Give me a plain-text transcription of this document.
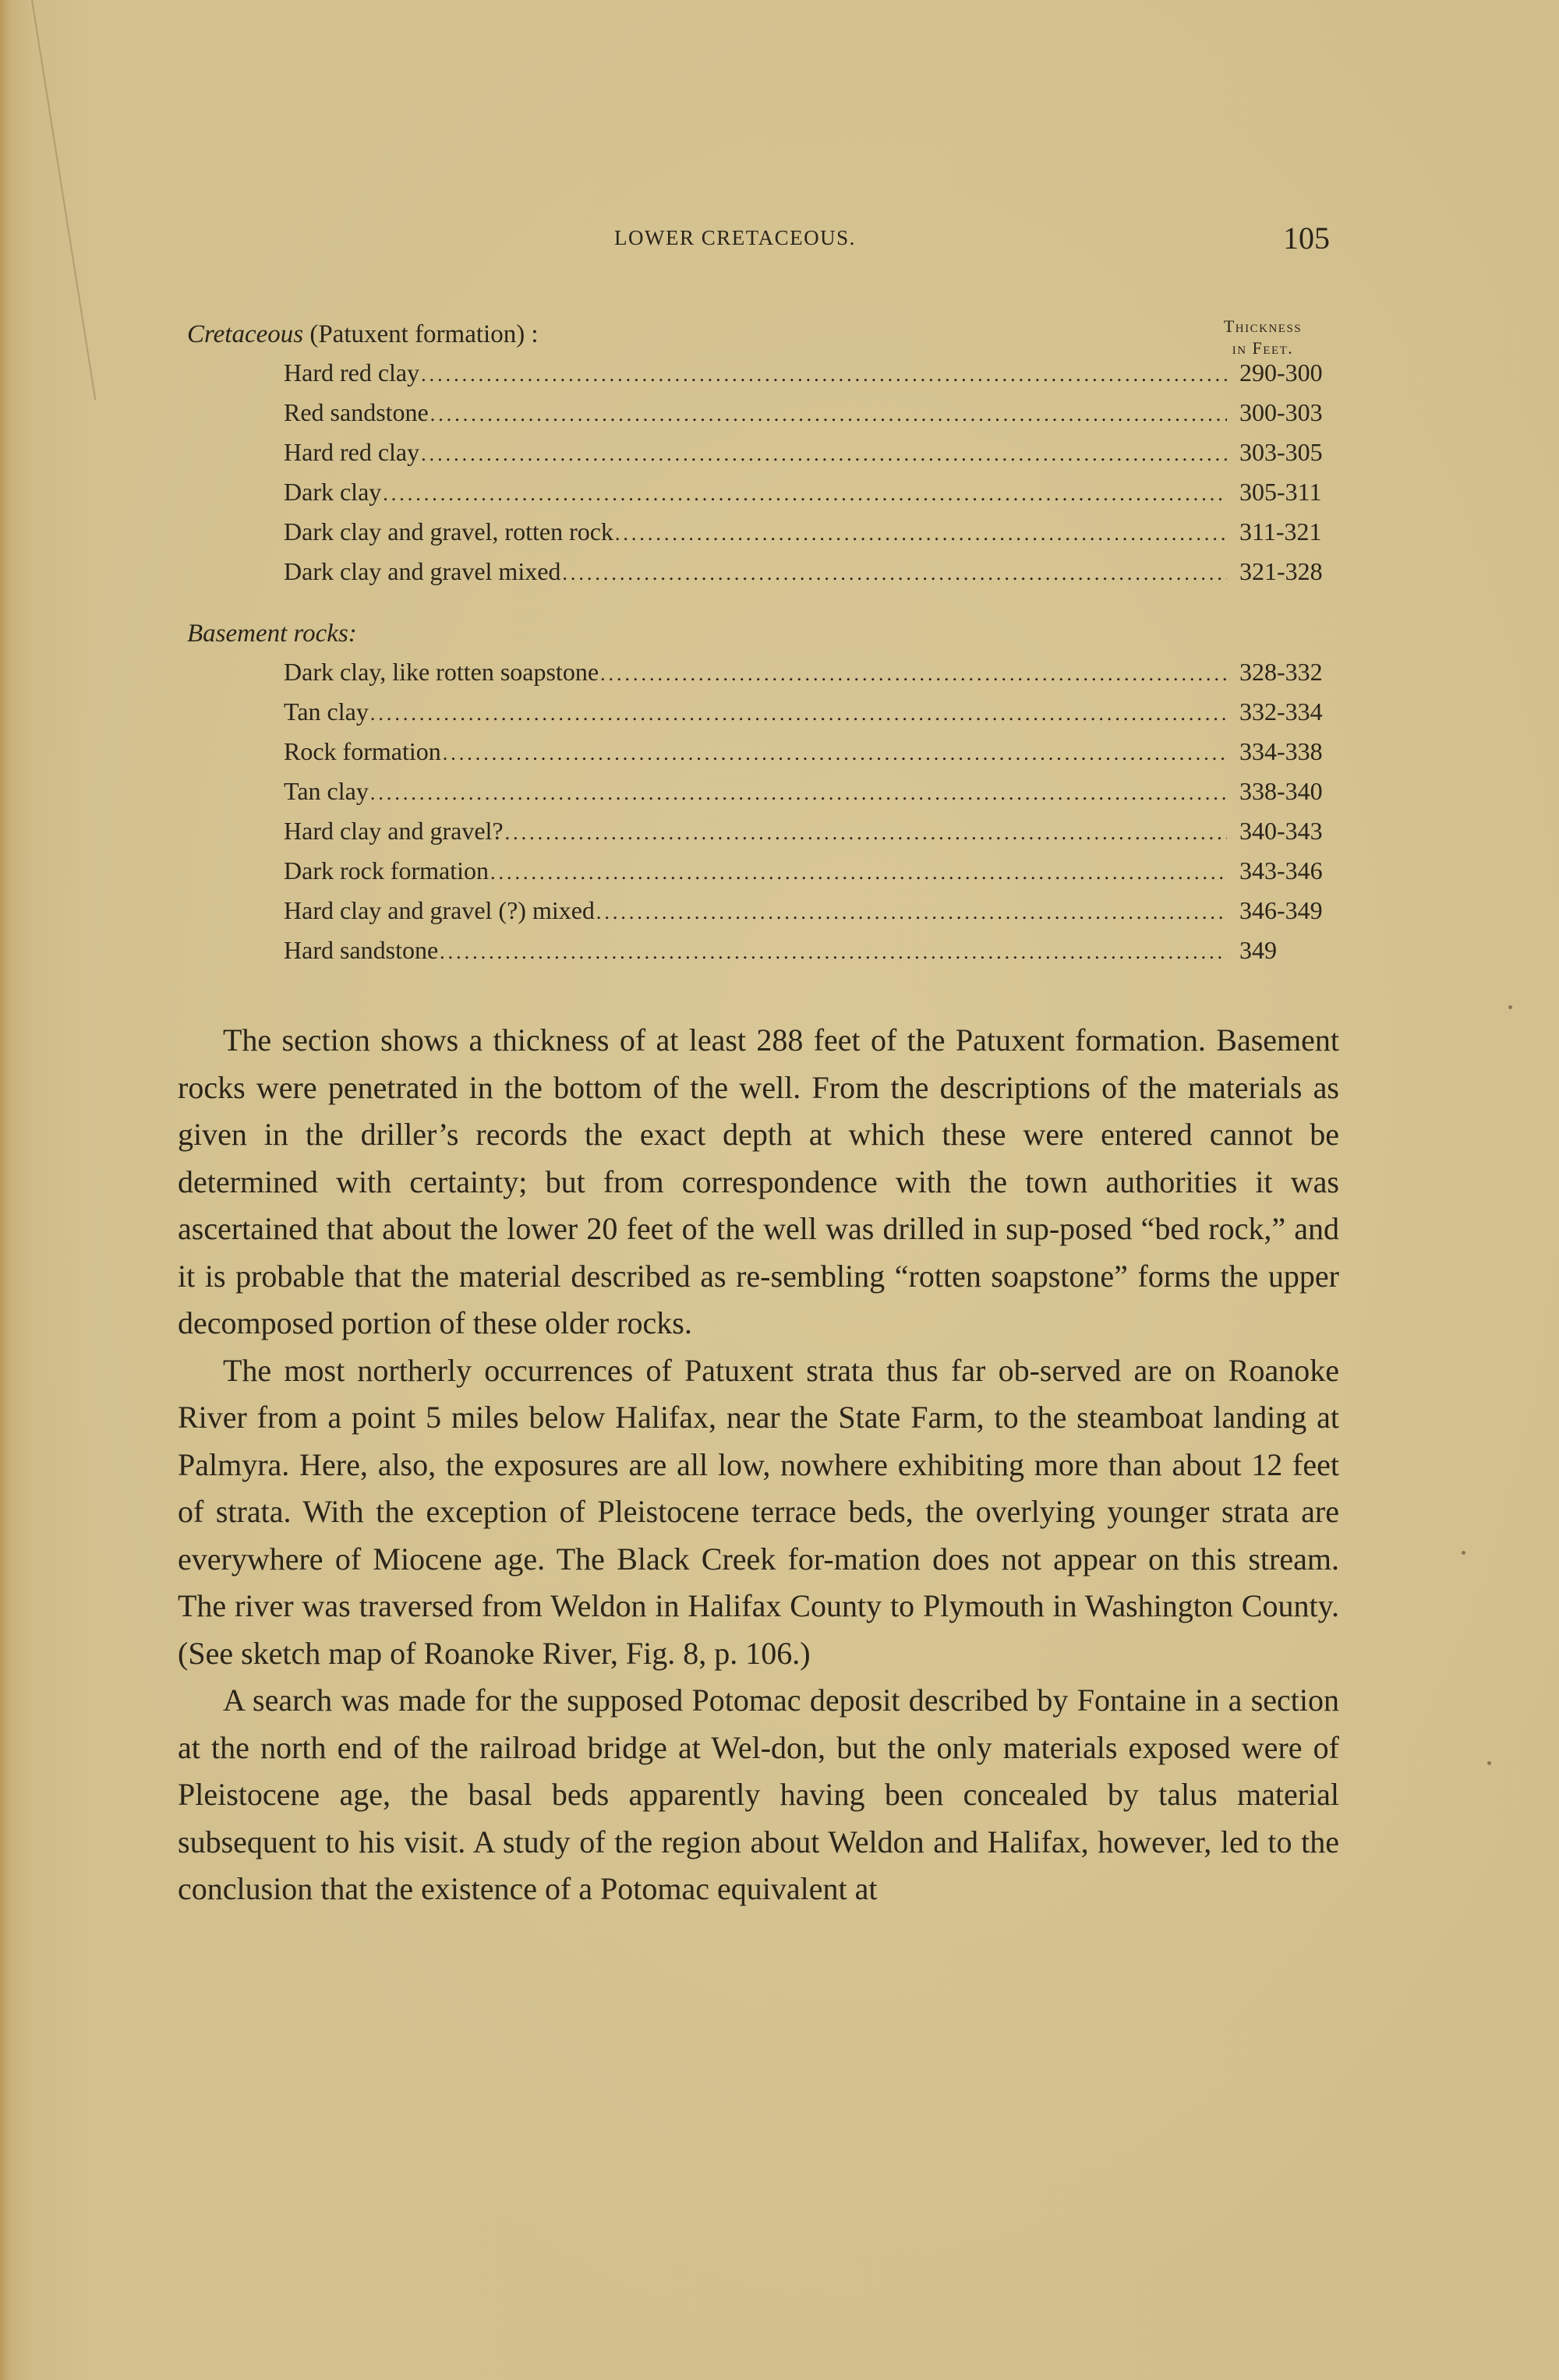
LOWER CRETACEOUS.	105
Thickness
in Feet.
Cretaceous (Patuxent formation) :
Hard red clay .....	290-300
Red sandstone .....	300-303
Hard red clay .....	303-305
Dark clay .....	305-311
Dark clay and gravel, rotten rock .....	311-321
Dark clay and gravel mixed .....	321-328
Basement rocks:
Dark clay, like rotten soapstone .....	328-332
Tan clay .....	332-334
Rock formation .....	334-338
Tan clay .....	338-340
Hard clay and gravel? .....	340-343
Dark rock formation .....	343-346
Hard clay and gravel (?) mixed .....	346-349
Hard sandstone .....	349

The section shows a thickness of at least 288 feet of the Patuxent formation. Basement rocks were penetrated in the bottom of the well. From the descriptions of the materials as given in the driller’s records the exact depth at which these were entered cannot be determined with certainty; but from correspondence with the town authorities it was ascertained that about the lower 20 feet of the well was drilled in sup-posed “bed rock,” and it is probable that the material described as re-sembling “rotten soapstone” forms the upper decomposed portion of these older rocks.

The most northerly occurrences of Patuxent strata thus far ob-served are on Roanoke River from a point 5 miles below Halifax, near the State Farm, to the steamboat landing at Palmyra. Here, also, the exposures are all low, nowhere exhibiting more than about 12 feet of strata. With the exception of Pleistocene terrace beds, the overlying younger strata are everywhere of Miocene age. The Black Creek for-mation does not appear on this stream. The river was traversed from Weldon in Halifax County to Plymouth in Washington County. (See sketch map of Roanoke River, Fig. 8, p. 106.)

A search was made for the supposed Potomac deposit described by Fontaine in a section at the north end of the railroad bridge at Wel-don, but the only materials exposed were of Pleistocene age, the basal beds apparently having been concealed by talus material subsequent to his visit. A study of the region about Weldon and Halifax, however, led to the conclusion that the existence of a Potomac equivalent at
